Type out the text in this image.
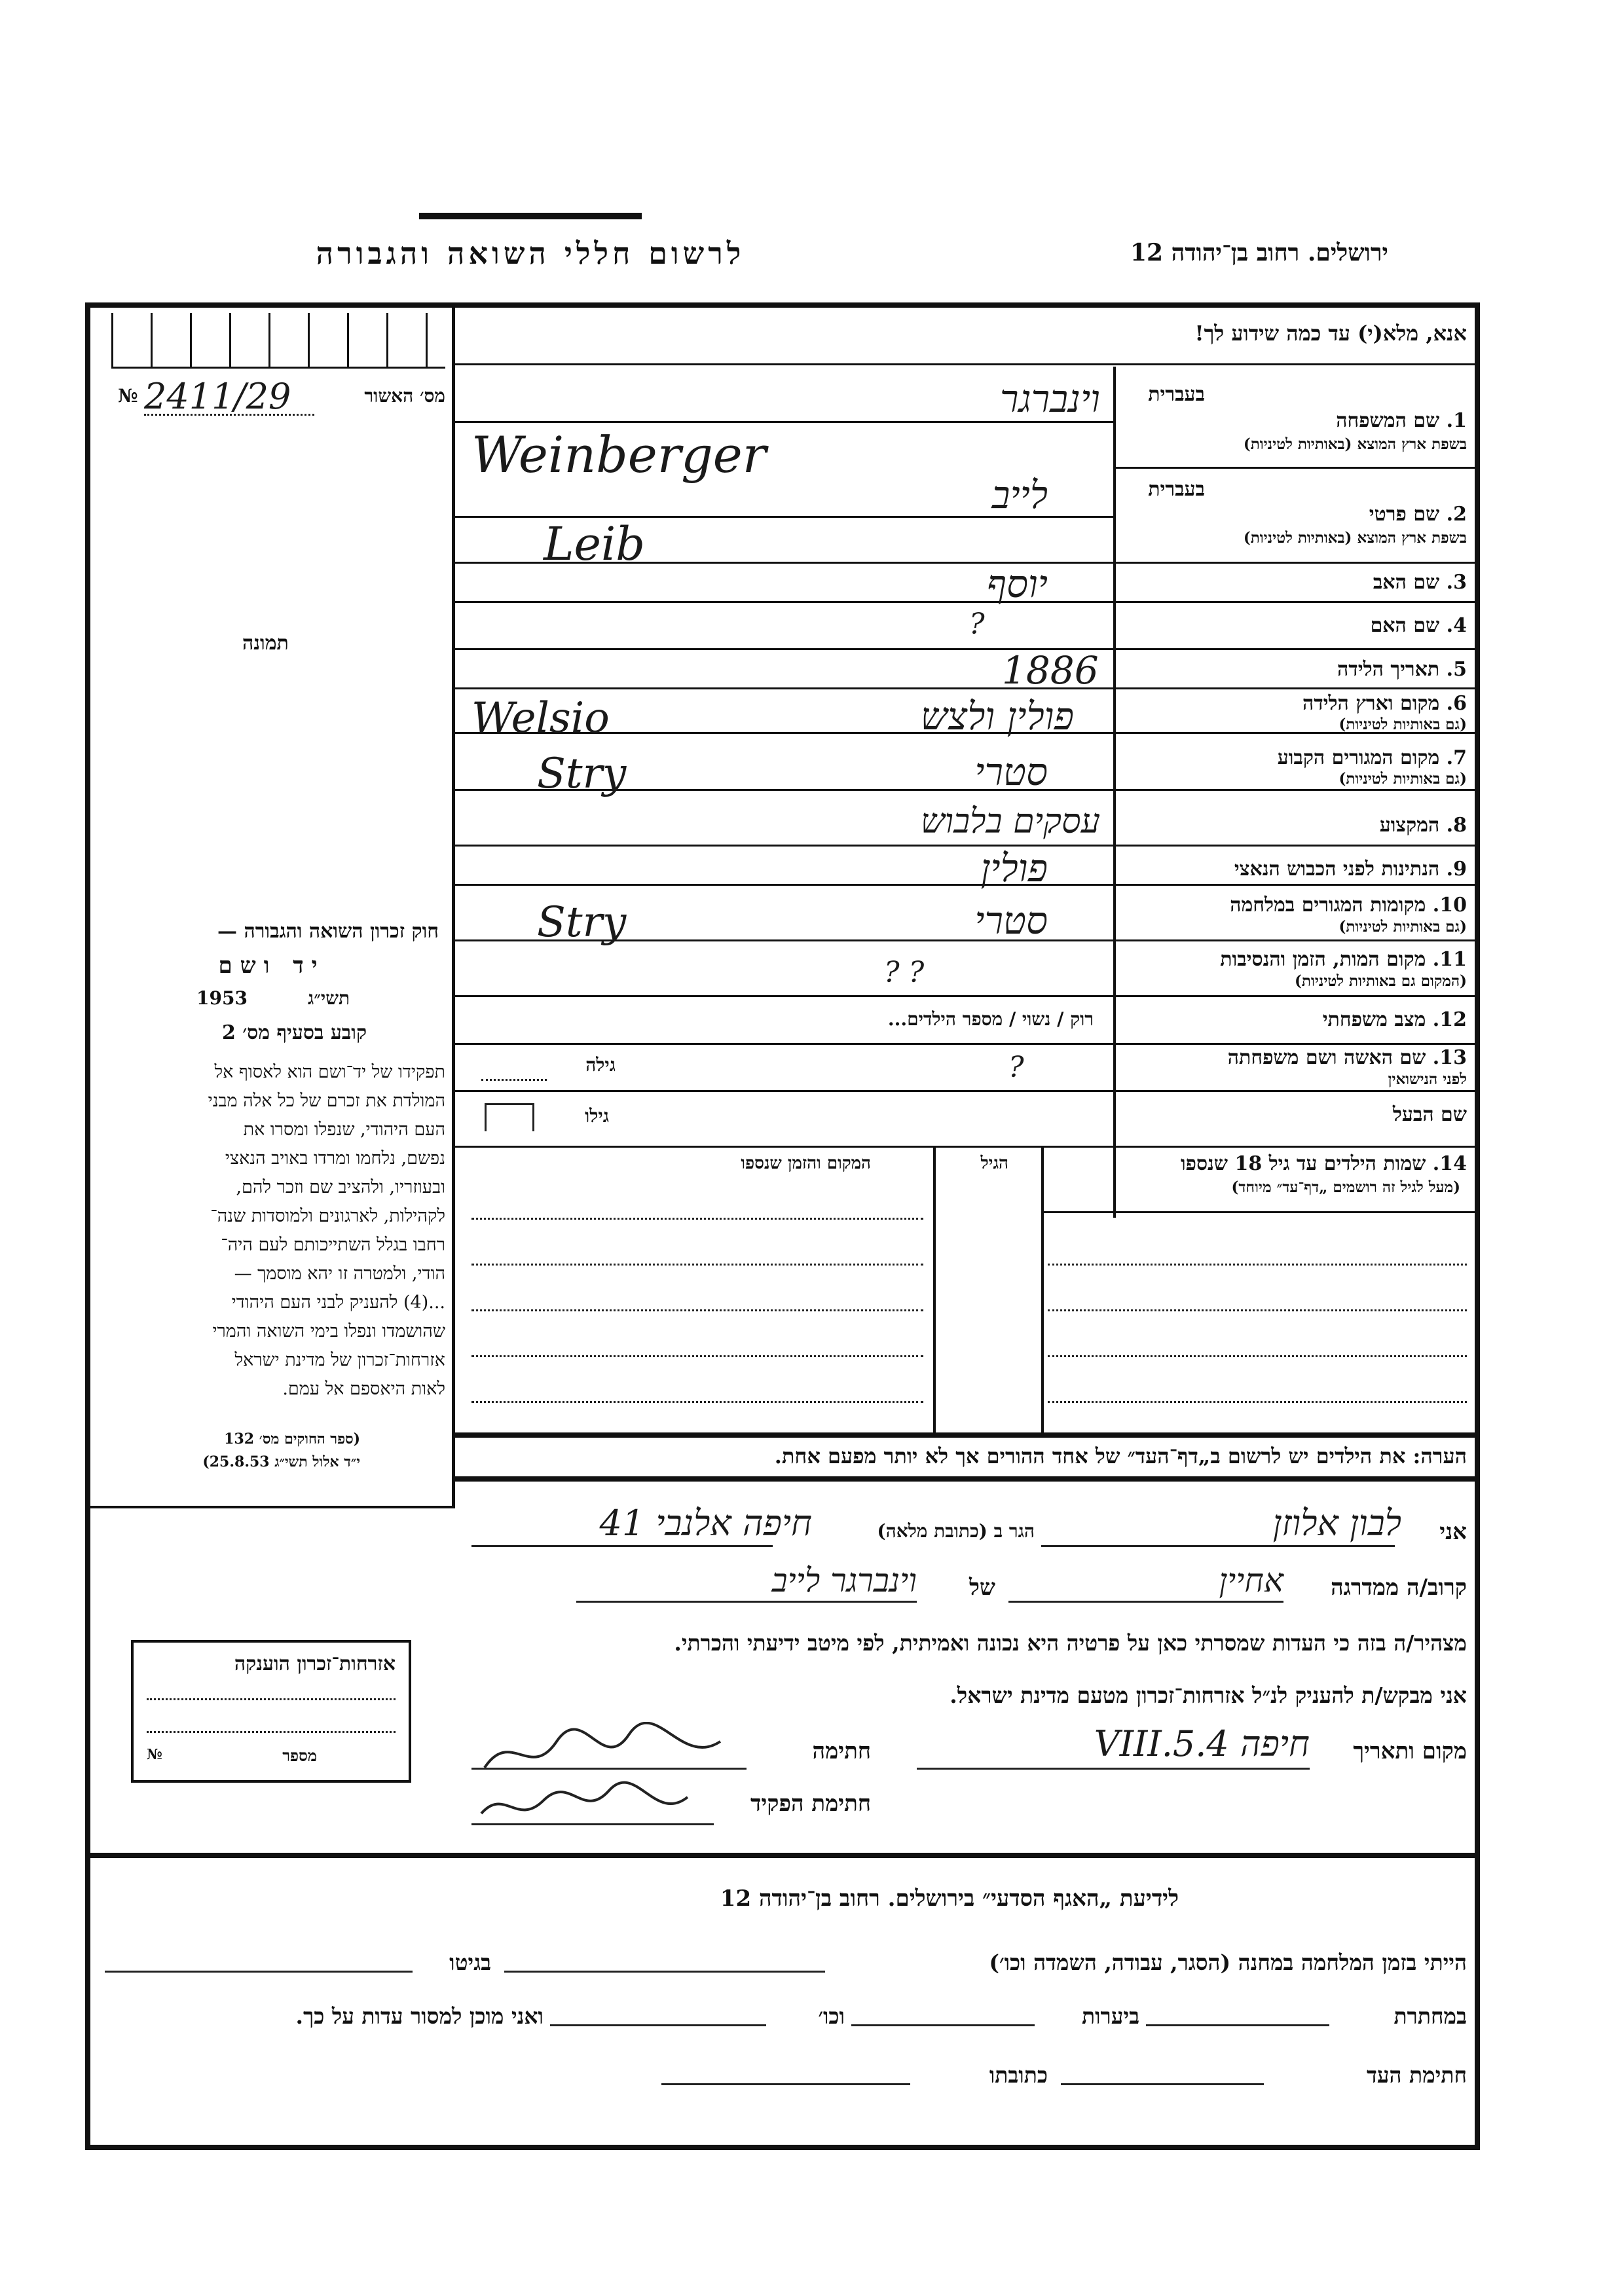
לרשום חללי השואה והגבורה	ירושלים. רחוב בן־יהודה 12
אנא, מלא(י) עד כמה שידוע לך!
№ 2411/29	מס׳ האשור
תמונה
בעברית
1. שם המשפחה
בשפת ארץ המוצא (באותיות לטיניות)
וינברגר
Weinberger
בעברית
2. שם פרטי
בשפת ארץ המוצא (באותיות לטיניות)
לייב
Leib
3. שם האב
יוסף
4. שם האם
?
5. תאריך הלידה
1886
6. מקום וארץ הלידה
(גם באותיות לטיניות)
פולין ולצש
Welsio
7. מקום המגורים הקבוע
(גם באותיות לטיניות)
סטרי
Stry
8. המקצוע
עסקים בלבוש
9. הנתינות לפני הכבוש הנאצי
פולין
10. מקומות המגורים במלחמה
(גם באותיות לטיניות)
סטרי
Stry
11. מקום המות, הזמן והנסיבות
(המקום גם באותיות לטיניות)
? ?
12. מצב משפחתי
רוק / נשוי / מספר הילדים...
13. שם האשה ושם משפחתה
לפני הנישואין
גילה	?
שם הבעל
גילו
14. שמות הילדים עד גיל 18 שנספו
(מעל לגיל זה רושמים „דף־עד״ מיוחד)
הגיל
המקום והזמן שנספו
חוק זכרון השואה והגבורה —
יד ושם
תשי״ג
1953
קובע בסעיף מס׳ 2
תפקידו של יד־ושם הוא לאסוף אל
המולדת את זכרם של כל אלה מבני
העם היהודי, שנפלו ומסרו את
נפשם, נלחמו ומרדו באויב הנאצי
ובעוזריו, ולהציב שם וזכר להם,
לקהילות, לארגונים ולמוסדות שנה־
רחבו בגלל השתייכותם לעם היה־
הודי, ולמטרה זו יהא מוסמך —
...(4) להעניק לבני העם היהודי
שהושמדו ונפלו בימי השואה והמרי
אזרחות־זכרון של מדינת ישראל
לאות היאספם אל עמם.
(ספר החוקים מס׳ 132
י״ד אלול תשי״ג 25.8.53)	הערה: את הילדים יש לרשום ב„דף־העד״ של אחד ההורים אך לא יותר מפעם אחת.
אני
לבון אלוזן
הגר ב (כתובת מלאה)
חיפה אלנבי 41
קרוב/ה ממדרגה
אחיין
של
וינברגר לייב
מצהיר/ה בזה כי העדות שמסרתי כאן על פרטיה היא נכונה ואמיתית, לפי מיטב ידיעתי והכרתי.
אני מבקש/ת להעניק לנ״ל אזרחות־זכרון מטעם מדינת ישראל.
מקום ותאריך
חיפה 5.4.VIII
חתימה
חתימת הפקיד
אזרחות־זכרון הוענקה
№	מספר
לידיעת „האגף הסדעי״ בירושלים. רחוב בן־יהודה 12
הייתי בזמן המלחמה במחנה (הסגר, עבודה, השמדה וכו׳)
בגיטו
במחתרת
ביערות
וכו׳
ואני מוכן למסור עדות על כך.
חתימת העד
כתובתו
